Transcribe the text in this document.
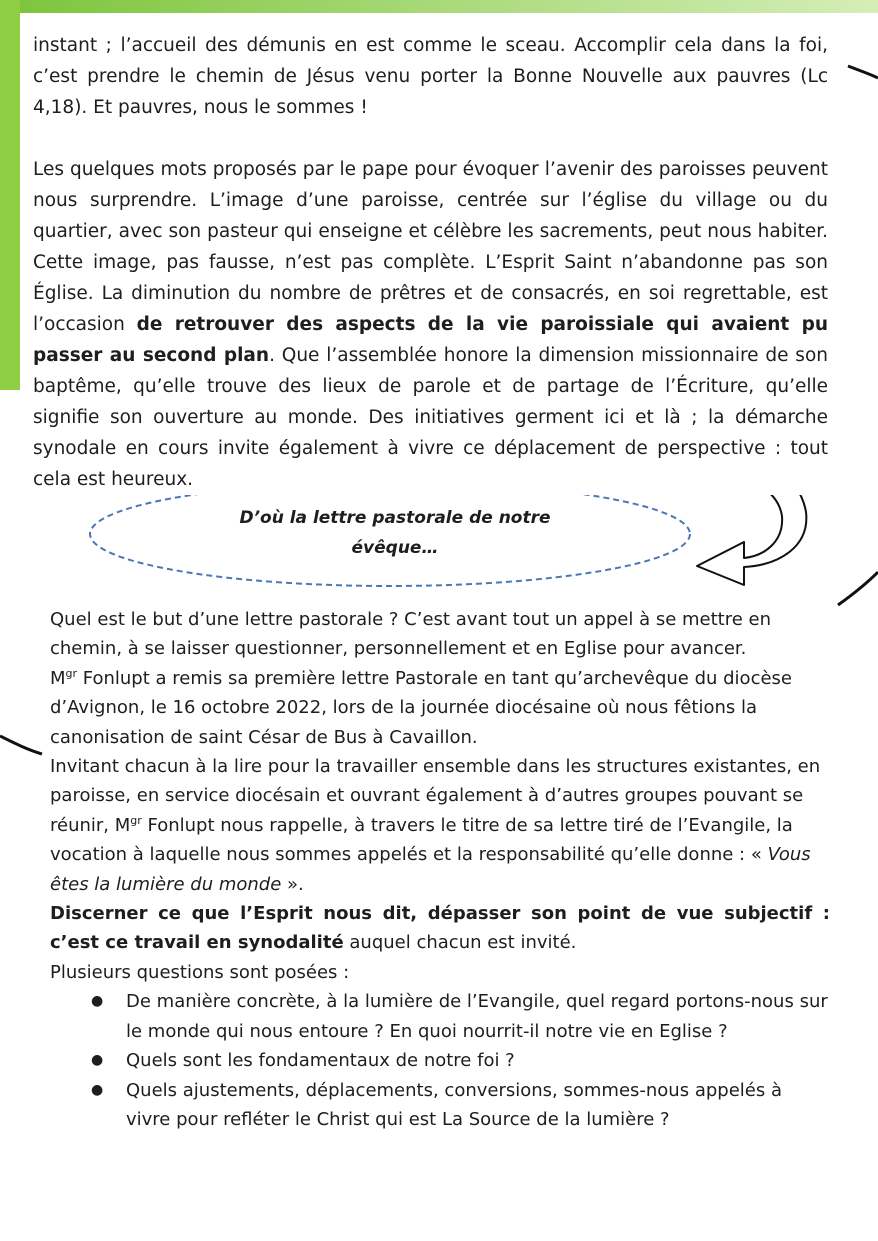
instant ; l’accueil des démunis en est comme le sceau. Accomplir cela dans la foi, c’est prendre le chemin de Jésus venu porter la Bonne Nouvelle aux pauvres (Lc 4,18). Et pauvres, nous le sommes !

Les quelques mots proposés par le pape pour évoquer l’avenir des paroisses peuvent nous surprendre. L’image d’une paroisse, centrée sur l’église du village ou du quartier, avec son pasteur qui enseigne et célèbre les sacrements, peut nous habiter. Cette image, pas fausse, n’est pas complète. L’Esprit Saint n’abandonne pas son Église. La diminution du nombre de prêtres et de consacrés, en soi regrettable, est l’occasion de retrouver des aspects de la vie paroissiale qui avaient pu passer au second plan. Que l’assemblée honore la dimension missionnaire de son baptême, qu’elle trouve des lieux de parole et de partage de l’Écriture, qu’elle signifie son ouverture au monde. Des initiatives germent ici et là ; la démarche synodale en cours invite également à vivre ce déplacement de perspective : tout cela est heureux.

D’où la lettre pastorale de notre
évêque…

Quel est le but d’une lettre pastorale ? C’est avant tout un appel à se mettre en chemin, à se laisser questionner, personnellement et en Eglise pour avancer.

$M^{gr}$ Fonlupt a remis sa première lettre Pastorale en tant qu’archevêque du diocèse d’Avignon, le 16 octobre 2022, lors de la journée diocésaine où nous fêtions la canonisation de saint César de Bus à Cavaillon.

Invitant chacun à la lire pour la travailler ensemble dans les structures existantes, en paroisse, en service diocésain et ouvrant également à d’autres groupes pouvant se réunir, $M^{gr}$ Fonlupt nous rappelle, à travers le titre de sa lettre tiré de l’Evangile, la vocation à laquelle nous sommes appelés et la responsabilité qu’elle donne : « Vous êtes la lumière du monde ».

Discerner ce que l’Esprit nous dit, dépasser son point de vue subjectif : c’est ce travail en synodalité auquel chacun est invité.

Plusieurs questions sont posées :

● De manière concrète, à la lumière de l’Evangile, quel regard portons-nous sur le monde qui nous entoure ? En quoi nourrit-il notre vie en Eglise ?
● Quels sont les fondamentaux de notre foi ?
● Quels ajustements, déplacements, conversions, sommes-nous appelés à vivre pour refléter le Christ qui est La Source de la lumière ?
